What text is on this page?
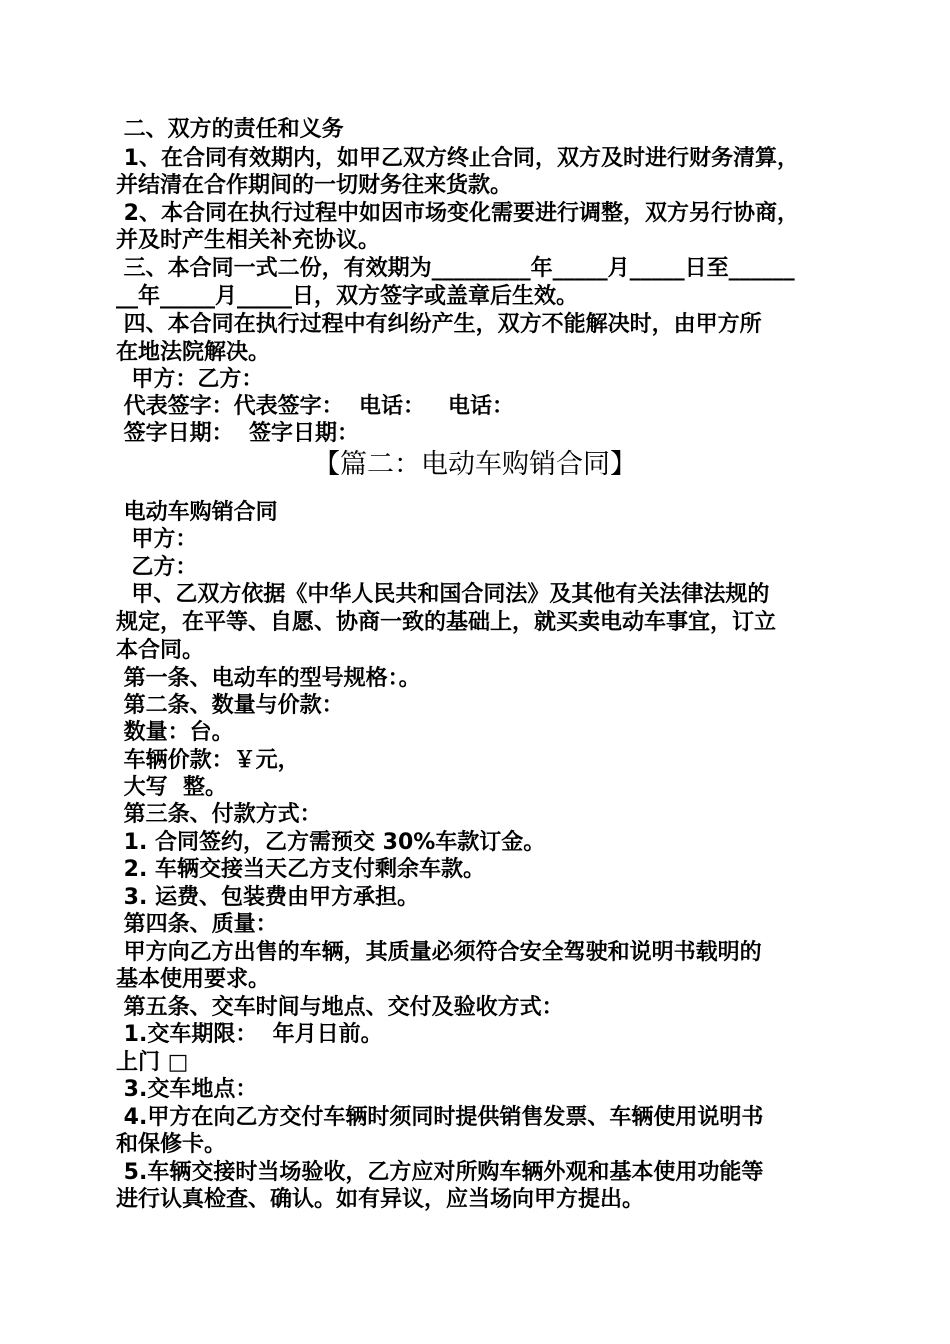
二、双方的责任和义务
1、在合同有效期内，如甲乙双方终止合同，双方及时进行财务清算，
并结清在合作期间的一切财务往来货款。
2、本合同在执行过程中如因市场变化需要进行调整，双方另行协商，
并及时产生相关补充协议。
三、本合同一式二份，有效期为_________年_____月_____日至______
__年_____月_____日，双方签字或盖章后生效。
四、本合同在执行过程中有纠纷产生，双方不能解决时，由甲方所
在地法院解决。
甲方：乙方：
代表签字：代表签字：  电话：   电话：
签字日期：  签字日期：
【篇二：电动车购销合同】
电动车购销合同
甲方：
乙方：
甲、乙双方依据《中华人民共和国合同法》及其他有关法律法规的
规定，在平等、自愿、协商一致的基础上，就买卖电动车事宜，订立
本合同。
第一条、电动车的型号规格：。
第二条、数量与价款：
数量：台。
车辆价款：￥元，
大写  整。
第三条、付款方式：
1. 合同签约，乙方需预交 30%车款订金。
2. 车辆交接当天乙方支付剩余车款。
3. 运费、包装费由甲方承担。
第四条、质量：
甲方向乙方出售的车辆，其质量必须符合安全驾驶和说明书载明的
基本使用要求。
第五条、交车时间与地点、交付及验收方式：
1.交车期限：  年月日前。
上门 □
3.交车地点：
4.甲方在向乙方交付车辆时须同时提供销售发票、车辆使用说明书
和保修卡。
5.车辆交接时当场验收，乙方应对所购车辆外观和基本使用功能等
进行认真检查、确认。如有异议，应当场向甲方提出。
